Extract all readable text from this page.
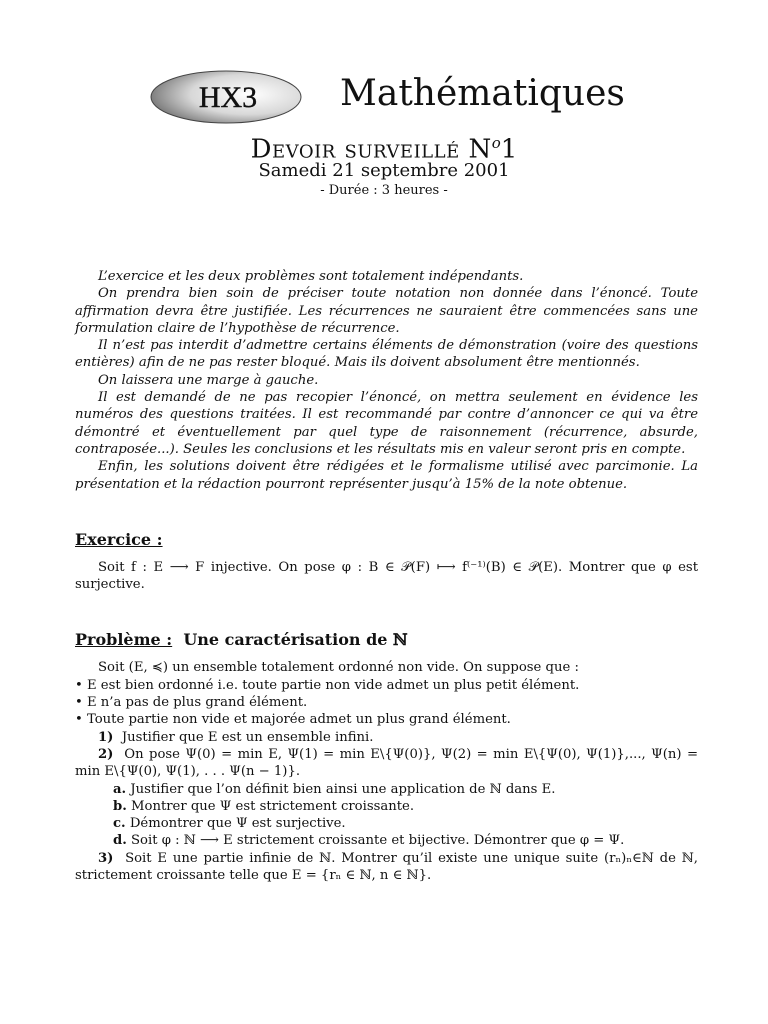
HX3 Mathématiques
Devoir surveillé $N^o1$
Samedi 21 septembre 2001
- Durée : 3 heures -

L’exercice et les deux problèmes sont totalement indépendants.

On prendra bien soin de préciser toute notation non donnée dans l’énoncé. Toute affirmation devra être justifiée. Les récurrences ne sauraient être commencées sans une formulation claire de l’hypothèse de récurrence.

Il n’est pas interdit d’admettre certains éléments de démonstration (voire des questions entières) afin de ne pas rester bloqué. Mais ils doivent absolument être mentionnés.

On laissera une marge à gauche.

Il est demandé de ne pas recopier l’énoncé, on mettra seulement en évidence les numéros des questions traitées. Il est recommandé par contre d’annoncer ce qui va être démontré et éventuellement par quel type de raisonnement (récurrence, absurde, contraposée...). Seules les conclusions et les résultats mis en valeur seront pris en compte.

Enfin, les solutions doivent être rédigées et le formalisme utilisé avec parcimonie. La présentation et la rédaction pourront représenter jusqu’à 15% de la note obtenue.

Exercice :

Soit f : E ⟶ F injective. On pose φ : B ∈ 𝒫(F) ⟼ f⁽⁻¹⁾(B) ∈ 𝒫(E). Montrer que φ est surjective.

Problème : Une caractérisation de ℕ

Soit (E, ≼) un ensemble totalement ordonné non vide. On suppose que :

• E est bien ordonné i.e. toute partie non vide admet un plus petit élément.

• E n’a pas de plus grand élément.

• Toute partie non vide et majorée admet un plus grand élément.

1) Justifier que E est un ensemble infini.

2) On pose Ψ(0) = min E, Ψ(1) = min E\{Ψ(0)}, Ψ(2) = min E\{Ψ(0), Ψ(1)},..., Ψ(n) = min E\{Ψ(0), Ψ(1), . . . Ψ(n − 1)}.

a. Justifier que l’on définit bien ainsi une application de ℕ dans E.

b. Montrer que Ψ est strictement croissante.

c. Démontrer que Ψ est surjective.

d. Soit φ : ℕ ⟶ E strictement croissante et bijective. Démontrer que φ = Ψ.

3) Soit E une partie infinie de ℕ. Montrer qu’il existe une unique suite (rₙ)ₙ∈ℕ de ℕ, strictement croissante telle que E = {rₙ ∈ ℕ, n ∈ ℕ}.
